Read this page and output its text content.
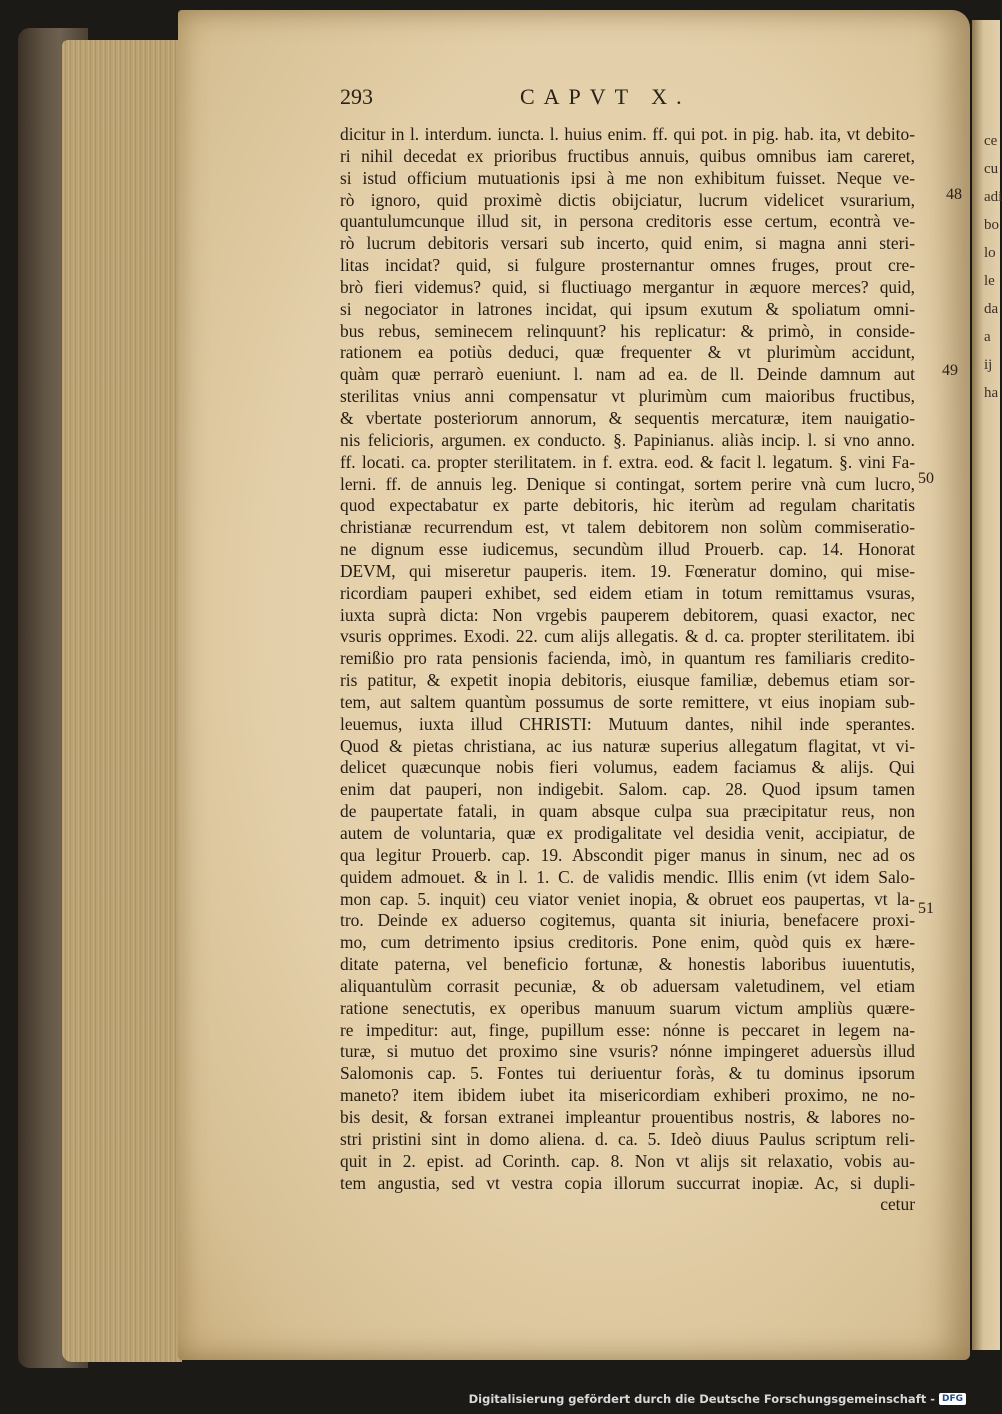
ce
cu
adi
bo
lo
le
da
a
ij
ha
293	CAPVT X.
dicitur in l. interdum. iuncta. l. huius enim. ff. qui pot. in pig. hab. ita, vt debito-
ri nihil decedat ex prioribus fructibus annuis, quibus omnibus iam careret,
si istud officium mutuationis ipsi à me non exhibitum fuisset. Neque ve-
rò ignoro, quid proximè dictis obijciatur, lucrum videlicet vsurarium,
quantulumcunque illud sit, in persona creditoris esse certum, econtrà ve-
rò lucrum debitoris versari sub incerto, quid enim, si magna anni steri-
litas incidat? quid, si fulgure prosternantur omnes fruges, prout cre-
brò fieri videmus? quid, si fluctiuago mergantur in æquore merces? quid,
si negociator in latrones incidat, qui ipsum exutum & spoliatum omni-
bus rebus, seminecem relinquunt? his replicatur: & primò, in conside-
rationem ea potiùs deduci, quæ frequenter & vt plurimùm accidunt,
quàm quæ perrarò eueniunt. l. nam ad ea. de ll. Deinde damnum aut
sterilitas vnius anni compensatur vt plurimùm cum maioribus fructibus,
& vbertate posteriorum annorum, & sequentis mercaturæ, item nauigatio-
nis felicioris, argumen. ex conducto. §. Papinianus. aliàs incip. l. si vno anno.
ff. locati. ca. propter sterilitatem. in f. extra. eod. & facit l. legatum. §. vini Fa-
lerni. ff. de annuis leg. Denique si contingat, sortem perire vnà cum lucro,
quod expectabatur ex parte debitoris, hic iterùm ad regulam charitatis
christianæ recurrendum est, vt talem debitorem non solùm commiseratio-
ne dignum esse iudicemus, secundùm illud Prouerb. cap. 14. Honorat
DEVM, qui miseretur pauperis. item. 19. Fœneratur domino, qui mise-
ricordiam pauperi exhibet, sed eidem etiam in totum remittamus vsuras,
iuxta suprà dicta: Non vrgebis pauperem debitorem, quasi exactor, nec
vsuris opprimes. Exodi. 22. cum alijs allegatis. & d. ca. propter sterilitatem. ibi
remißio pro rata pensionis facienda, imò, in quantum res familiaris credito-
ris patitur, & expetit inopia debitoris, eiusque familiæ, debemus etiam sor-
tem, aut saltem quantùm possumus de sorte remittere, vt eius inopiam sub-
leuemus, iuxta illud CHRISTI: Mutuum dantes, nihil inde sperantes.
Quod & pietas christiana, ac ius naturæ superius allegatum flagitat, vt vi-
delicet quæcunque nobis fieri volumus, eadem faciamus & alijs. Qui
enim dat pauperi, non indigebit. Salom. cap. 28. Quod ipsum tamen
de paupertate fatali, in quam absque culpa sua præcipitatur reus, non
autem de voluntaria, quæ ex prodigalitate vel desidia venit, accipiatur, de
qua legitur Prouerb. cap. 19. Abscondit piger manus in sinum, nec ad os
quidem admouet. & in l. 1. C. de validis mendic. Illis enim (vt idem Salo-
mon cap. 5. inquit) ceu viator veniet inopia, & obruet eos paupertas, vt la-
tro. Deinde ex aduerso cogitemus, quanta sit iniuria, benefacere proxi-
mo, cum detrimento ipsius creditoris. Pone enim, quòd quis ex hære-
ditate paterna, vel beneficio fortunæ, & honestis laboribus iuuentutis,
aliquantulùm corrasit pecuniæ, & ob aduersam valetudinem, vel etiam
ratione senectutis, ex operibus manuum suarum victum ampliùs quære-
re impeditur: aut, finge, pupillum esse: nónne is peccaret in legem na-
turæ, si mutuo det proximo sine vsuris? nónne impingeret aduersùs illud
Salomonis cap. 5. Fontes tui deriuentur foràs, & tu dominus ipsorum
maneto? item ibidem iubet ita misericordiam exhiberi proximo, ne no-
bis desit, & forsan extranei impleantur prouentibus nostris, & labores no-
stri pristini sint in domo aliena. d. ca. 5. Ideò diuus Paulus scriptum reli-
quit in 2. epist. ad Corinth. cap. 8. Non vt alijs sit relaxatio, vobis au-
tem angustia, sed vt vestra copia illorum succurrat inopiæ. Ac, si dupli-
cetur
48
49
50
51
Digitalisierung gefördert durch die Deutsche Forschungsgemeinschaft - DFG
